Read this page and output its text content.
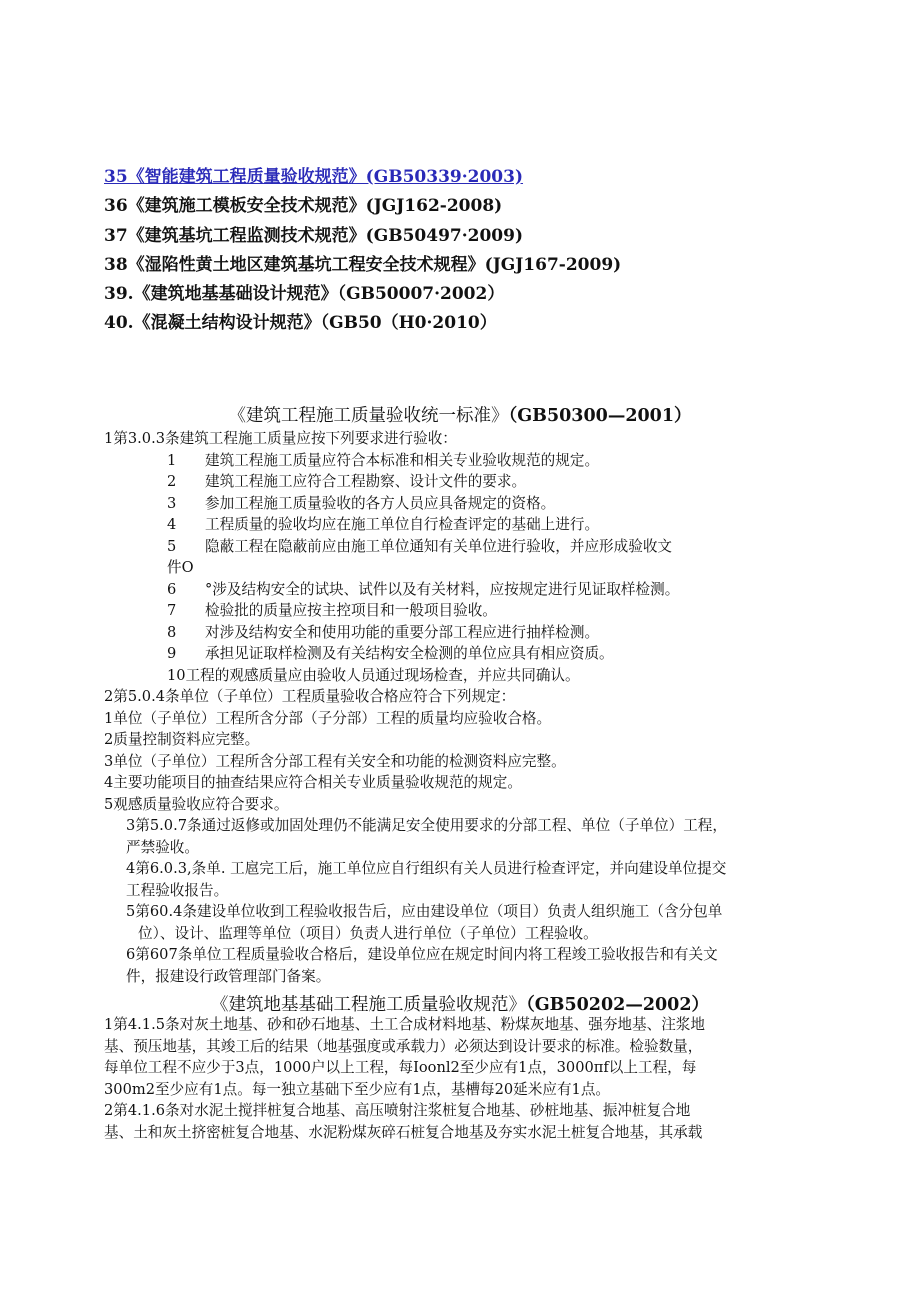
35《智能建筑工程质量验收规范》(GB50339·2003)
36《建筑施工模板安全技术规范》(JGJ162-2008)
37《建筑基坑工程监测技术规范》(GB50497·2009)
38《湿陷性黄土地区建筑基坑工程安全技术规程》(JGJ167-2009)
39.《建筑地基基础设计规范》（GB50007·2002）
40.《混凝土结构设计规范》（GB50（H0·2010）
《建筑工程施工质量验收统一标准》（GB50300—2001）
1第3.0.3条建筑工程施工质量应按下列要求进行验收：
1	建筑工程施工质量应符合本标准和相关专业验收规范的规定。
2	建筑工程施工应符合工程勘察、设计文件的要求。
3	参加工程施工质量验收的各方人员应具备规定的资格。
4	工程质量的验收均应在施工单位自行检查评定的基础上进行。
5	隐蔽工程在隐蔽前应由施工单位通知有关单位进行验收，并应形成验收文
件O
6	°涉及结构安全的试块、试件以及有关材料，应按规定进行见证取样检测。
7	检验批的质量应按主控项目和一般项目验收。
8	对涉及结构安全和使用功能的重要分部工程应进行抽样检测。
9	承担见证取样检测及有关结构安全检测的单位应具有相应资质。
10工程的观感质量应由验收人员通过现场检查，并应共同确认。
2第5.0.4条单位（子单位）工程质量验收合格应符合下列规定：
1单位（子单位）工程所含分部（子分部）工程的质量均应验收合格。
2质量控制资料应完整。
3单位（子单位）工程所含分部工程有关安全和功能的检测资料应完整。
4主要功能项目的抽查结果应符合相关专业质量验收规范的规定。
5观感质量验收应符合要求。
3第5.0.7条通过返修或加固处理仍不能满足安全使用要求的分部工程、单位（子单位）工程，
严禁验收。
4第6.0.3,条单. 工扈完工后，施工单位应自行组织有关人员进行检查评定，并向建设单位提交
工程验收报告。
5第60.4条建设单位收到工程验收报告后，应由建设单位（项目）负责人组织施工（含分包单
位）、设计、监理等单位（项目）负责人进行单位（子单位）工程验收。
6第607条单位工程质量验收合格后，建设单位应在规定时间内将工程竣工验收报告和有关文
件，报建设行政管理部门备案。
《建筑地基基础工程施工质量验收规范》（GB50202—2002）
1第4.1.5条对灰土地基、砂和砂石地基、土工合成材料地基、粉煤灰地基、强夯地基、注浆地
基、预压地基，其竣工后的结果（地基强度或承载力）必须达到设计要求的标准。检验数量，
每单位工程不应少于3点，1000户以上工程，每Ioonl2至少应有1点，3000πf以上工程，每
300m2至少应有1点。每一独立基础下至少应有1点，基槽每20延米应有1点。
2第4.1.6条对水泥土搅拌桩复合地基、高压喷射注浆桩复合地基、砂桩地基、振冲桩复合地
基、土和灰土挤密桩复合地基、水泥粉煤灰碎石桩复合地基及夯实水泥土桩复合地基，其承载
